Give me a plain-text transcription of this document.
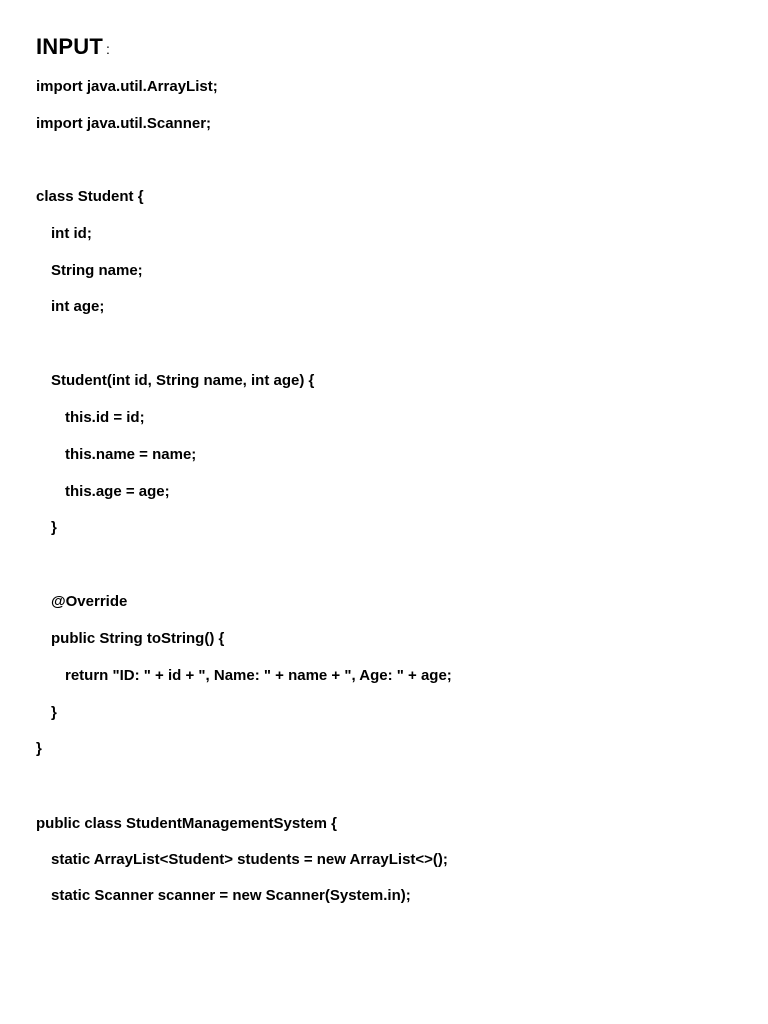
INPUT :
import java.util.ArrayList;
import java.util.Scanner;
class Student {
int id;
String name;
int age;
Student(int id, String name, int age) {
this.id = id;
this.name = name;
this.age = age;
}
@Override
public String toString() {
return "ID: " + id + ", Name: " + name + ", Age: " + age;
}
}
public class StudentManagementSystem {
static ArrayList<Student> students = new ArrayList<>();
static Scanner scanner = new Scanner(System.in);
